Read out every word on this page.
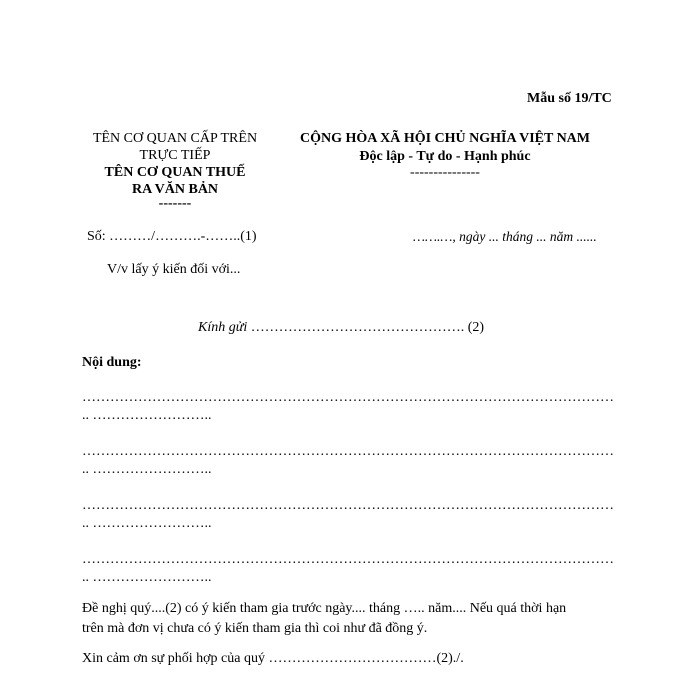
Mẫu số 19/TC
TÊN CƠ QUAN CẤP TRÊN
TRỰC TIẾP
TÊN CƠ QUAN THUẾ
RA VĂN BẢN
-------
CỘNG HÒA XÃ HỘI CHỦ NGHĨA VIỆT NAM
Độc lập - Tự do - Hạnh phúc
---------------
Số: ………/……….-……..(1)	…….…, ngày ... tháng ... năm ......
V/v lấy ý kiến đối với...
Kính gửi ………………………………………. (2)
Nội dung:
……………………………………………………………………………………………………
.. ……………………..
……………………………………………………………………………………………………
.. ……………………..
……………………………………………………………………………………………………
.. ……………………..
……………………………………………………………………………………………………
.. ……………………..
Đề nghị quý....(2) có ý kiến tham gia trước ngày.... tháng ….. năm.... Nếu quá thời hạn
trên mà đơn vị chưa có ý kiến tham gia thì coi như đã đồng ý.
Xin cảm ơn sự phối hợp của quý ………………………………(2)./.
